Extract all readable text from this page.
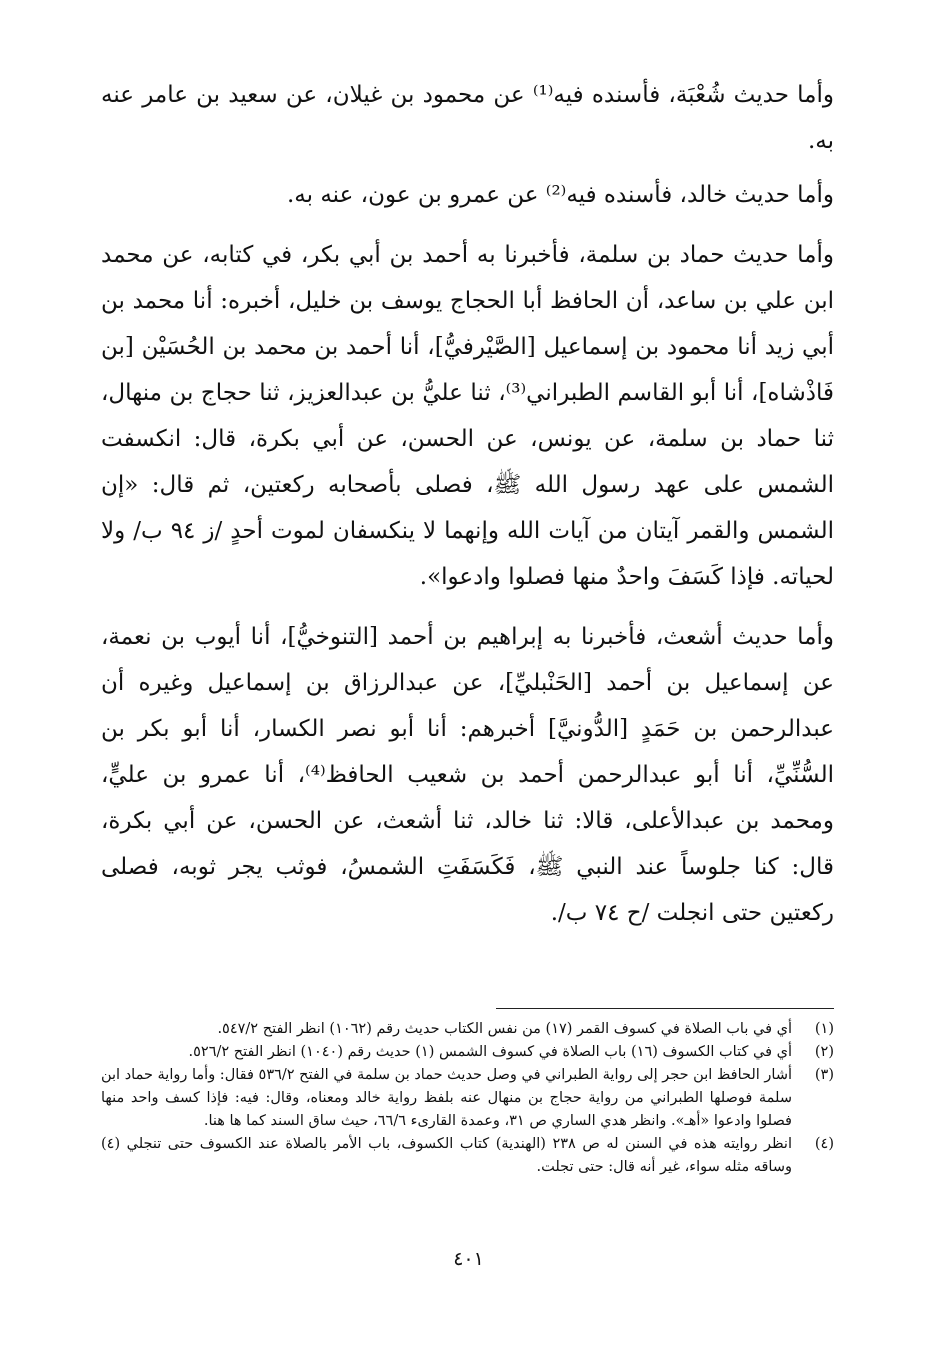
وأما حديث شُعْبَة، فأسنده فيه⁽¹⁾ عن محمود بن غيلان، عن سعيد بن عامر عنه به.

وأما حديث خالد، فأسنده فيه⁽²⁾ عن عمرو بن عون، عنه به.

وأما حديث حماد بن سلمة، فأخبرنا به أحمد بن أبي بكر، في كتابه، عن محمد ابن علي بن ساعد، أن الحافظ أبا الحجاج يوسف بن خليل، أخبره: أنا محمد بن أبي زيد أنا محمود بن إسماعيل [الصَّيْرفيُّ]، أنا أحمد بن محمد بن الحُسَيْن [بن فَاذْشاه]، أنا أبو القاسم الطبراني⁽³⁾، ثنا عليُّ بن عبدالعزيز، ثنا حجاج بن منهال، ثنا حماد بن سلمة، عن يونس، عن الحسن، عن أبي بكرة، قال: انكسفت الشمس على عهد رسول الله ﷺ، فصلى بأصحابه ركعتين، ثم قال: «إن الشمس والقمر آيتان من آيات الله وإنهما لا ينكسفان لموت أحدٍ /ز ٩٤ ب/ ولا لحياته. فإذا كَسَفَ واحدٌ منها فصلوا وادعوا».

وأما حديث أشعث، فأخبرنا به إبراهيم بن أحمد [التنوخيُّ]، أنا أيوب بن نعمة، عن إسماعيل بن أحمد [الحَنْبليِّ]، عن عبدالرزاق بن إسماعيل وغيره أن عبدالرحمن بن حَمَدٍ [الدُّونيَّ] أخبرهم: أنا أبو نصر الكسار، أنا أبو بكر بن السُّنِّيِّ، أنا أبو عبدالرحمن أحمد بن شعيب الحافظ⁽⁴⁾، أنا عمرو بن عليٍّ، ومحمد بن عبدالأعلى، قالا: ثنا خالد، ثنا أشعث، عن الحسن، عن أبي بكرة، قال: كنا جلوساً عند النبي ﷺ، فَكَسَفَتِ الشمسُ، فوثب يجر ثوبه، فصلى ركعتين حتى انجلت /ح ٧٤ ب/.

(١)
أي في باب الصلاة في كسوف القمر (١٧) من نفس الكتاب حديث رقم (١٠٦٢) انظر الفتح ٥٤٧/٢.
(٢)
أي في كتاب الكسوف (١٦) باب الصلاة في كسوف الشمس (١) حديث رقم (١٠٤٠) انظر الفتح ٥٢٦/٢.
(٣)
أشار الحافظ ابن حجر إلى رواية الطبراني في وصل حديث حماد بن سلمة في الفتح ٥٣٦/٢ فقال: وأما رواية حماد ابن سلمة فوصلها الطبراني من رواية حجاج بن منهال عنه بلفظ رواية خالد ومعناه، وقال: فيه: فإذا كسف واحد منها فصلوا وادعوا «أهـ». وانظر هدي الساري ص ٣١، وعمدة القارىء ٦٦/٦، حيث ساق السند كما ها هنا.
(٤)
انظر روايته هذه في السنن له ص ٢٣٨ (الهندية) كتاب الكسوف، باب الأمر بالصلاة عند الكسوف حتى تنجلي (٤) وساقه مثله سواء، غير أنه قال: حتى تجلت.
٤٠١
